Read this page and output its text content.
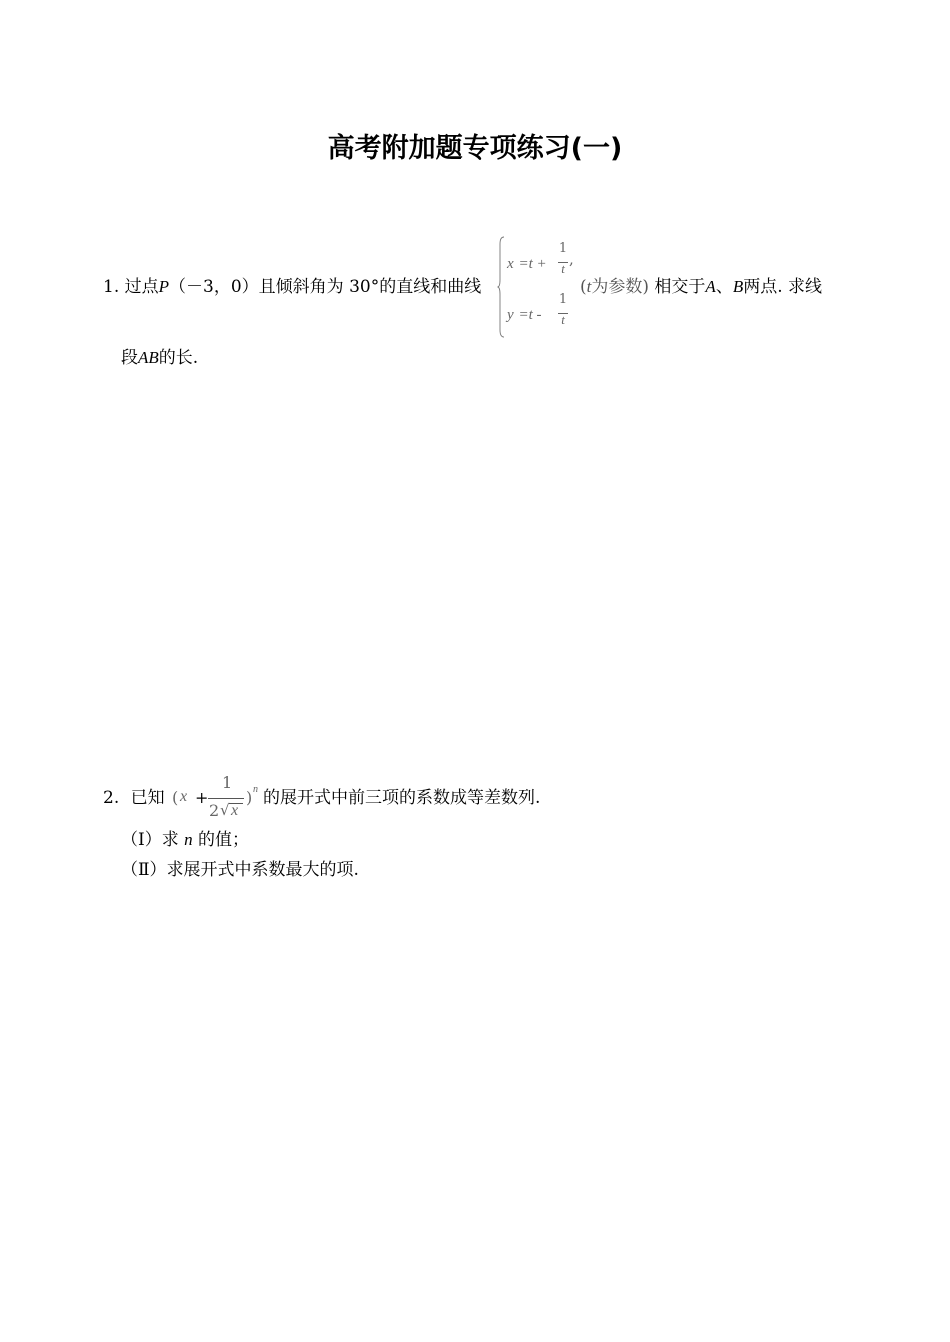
高考附加题专项练习(一)
1. 过点P（－3，0）且倾斜角为 30°的直线和曲线
x =t +
1
t
,
y =t -
1
t
(t为参数) 相交于A、B两点. 求线
段AB的长.
2. 已知 ( x +
1
2 √ x
) n 的展开式中前三项的系数成等差数列.
（Ⅰ）求 n 的值；
（Ⅱ）求展开式中系数最大的项.
